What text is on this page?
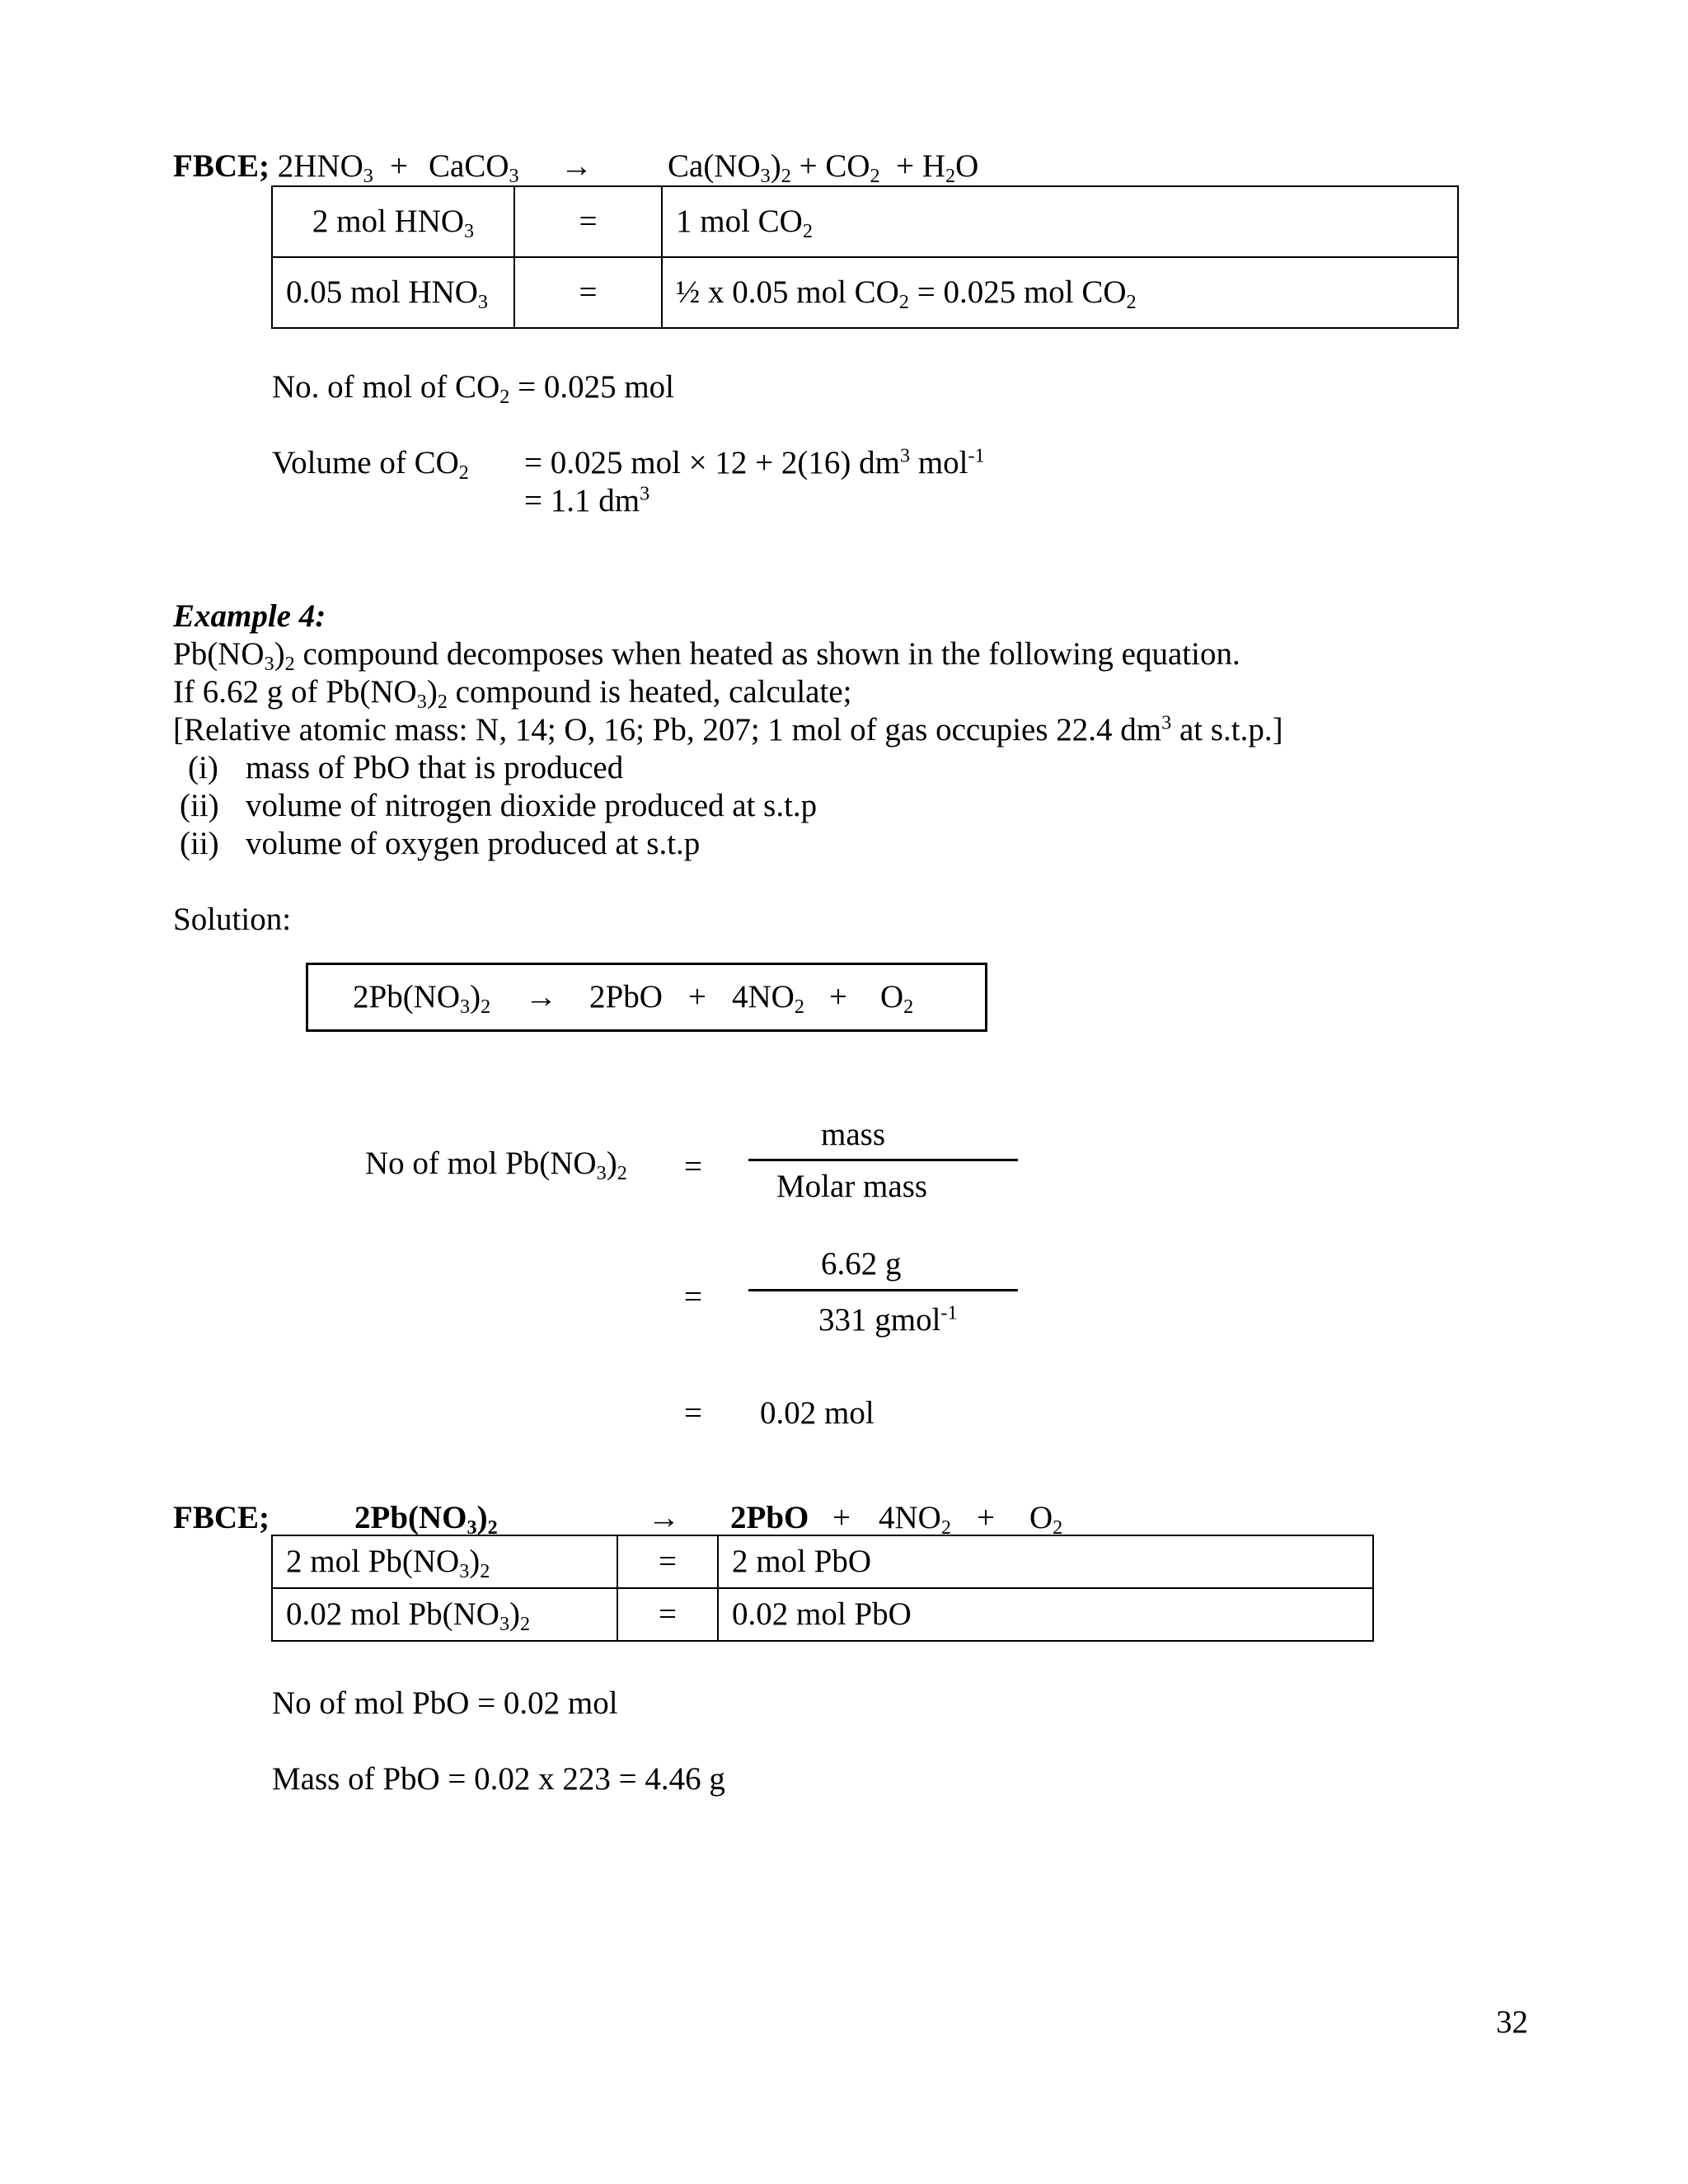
FBCE; $2HNO_3$ + CaCO$_3$ → $Ca(NO_3)_2 + CO_2 + H_2O$
2 mol $HNO_3$	=	1 mol $CO_2$
0.05 mol $HNO_3$	=	½ x 0.05 mol $CO_2 = 0.025$ mol $CO_2$
No. of mol of $CO_2 = 0.025$ mol
Volume of $CO_2 = 0.025$ mol × 12 + 2(16) $dm^3$ mol$^{-1}$
= 1.1 $dm^3$
Example 4:
$Pb(NO_3)_2$ compound decomposes when heated as shown in the following equation.
If 6.62 g of $Pb(NO_3)_2$ compound is heated, calculate;
[Relative atomic mass: N, 14; O, 16; Pb, 207; 1 mol of gas occupies 22.4 $dm^3$ at s.t.p.]
(i) mass of PbO that is produced
(ii) volume of nitrogen dioxide produced at s.t.p
(ii) volume of oxygen produced at s.t.p
Solution:
$2Pb(NO_3)_2 \to 2PbO + 4NO_2 + O_2$
No of mol $Pb(NO_3)_2$ =
mass
Molar mass
=
6.62 g
331 gmol$^{-1}$
= 0.02 mol
FBCE;	$2Pb(NO_3)_2$	→ $2PbO + 4NO_2 + O_2$
2 mol $Pb(NO_3)_2$	=	2 mol PbO
0.02 mol $Pb(NO_3)_2$	=	0.02 mol PbO
No of mol PbO = 0.02 mol
Mass of PbO = 0.02 x 223 = 4.46 g
32
